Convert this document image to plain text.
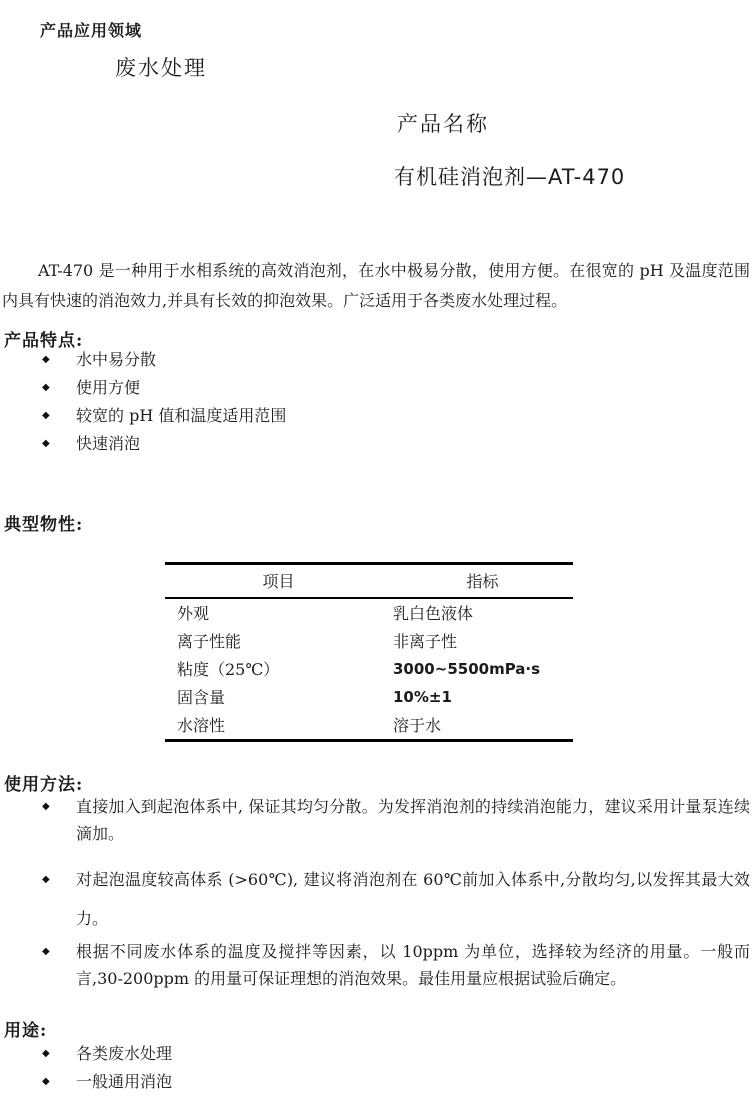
产品应用领域
废水处理
产品名称
有机硅消泡剂—AT-470

AT-470 是一种用于水相系统的高效消泡剂，在水中极易分散，使用方便。在很宽的 pH 及温度范围内具有快速的消泡效力,并具有长效的抑泡效果。广泛适用于各类废水处理过程。

产品特点:
◆	水中易分散
◆	使用方便
◆	较宽的 pH 值和温度适用范围
◆	快速消泡
典型物性:
项目	指标
外观	乳白色液体
离子性能	非离子性
粘度（25℃）	3000~5500mPa·s
固含量	10%±1
水溶性	溶于水
使用方法:
◆	直接加入到起泡体系中, 保证其均匀分散。为发挥消泡剂的持续消泡能力，建议采用计量泵连续滴加。
◆	对起泡温度较高体系 (>60℃), 建议将消泡剂在 60℃前加入体系中,分散均匀,以发挥其最大效力。
◆	根据不同废水体系的温度及搅拌等因素，以 10ppm 为单位，选择较为经济的用量。一般而言,30-200ppm 的用量可保证理想的消泡效果。最佳用量应根据试验后确定。
用途:
◆	各类废水处理
◆	一般通用消泡
